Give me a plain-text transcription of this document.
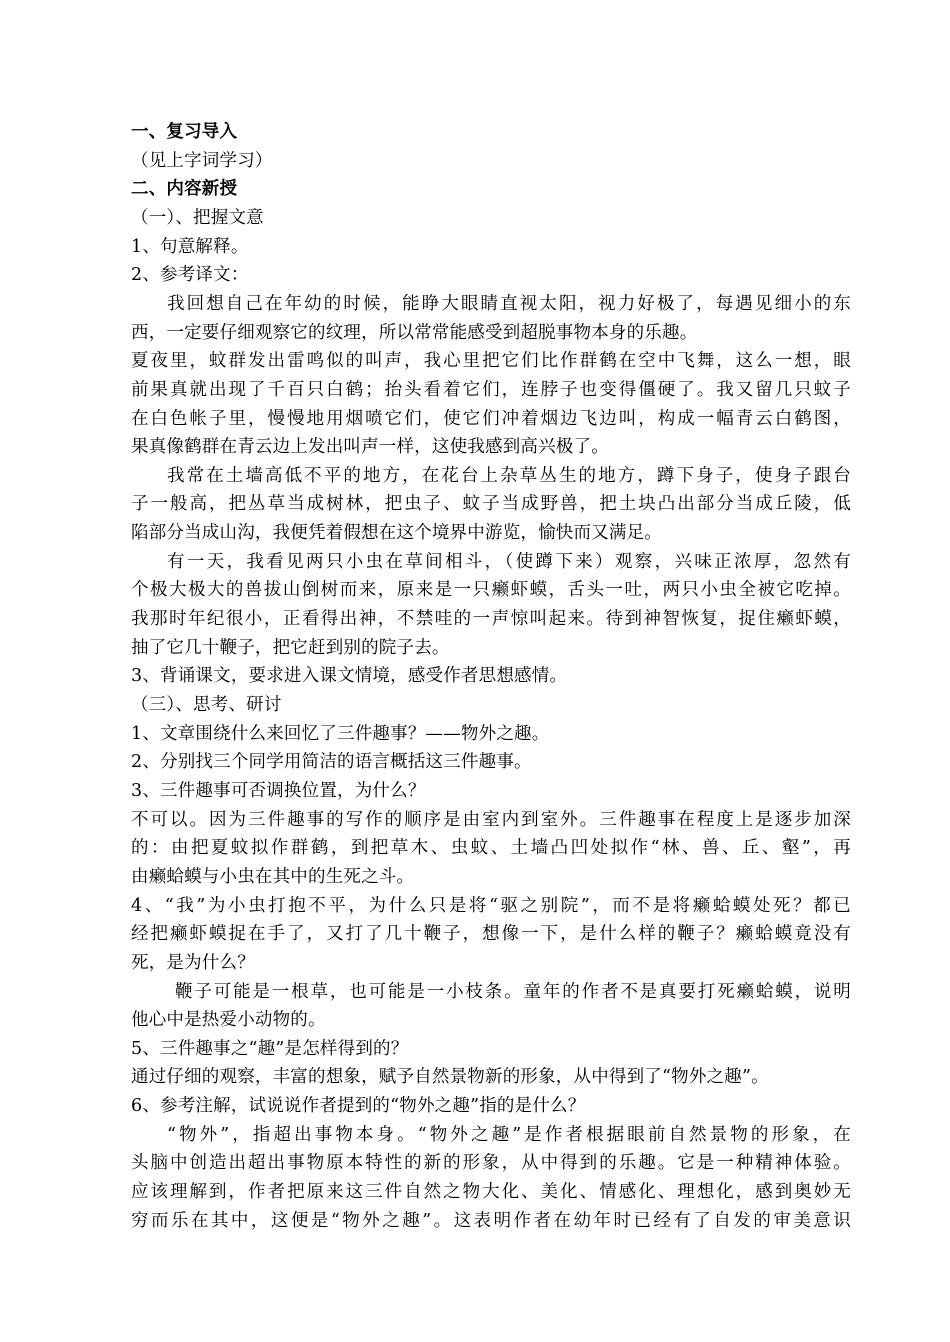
一、复习导入
（见上字词学习）
二、内容新授
（一）、把握文意
1、句意解释。
2、参考译文：
我回想自己在年幼的时候，能睁大眼睛直视太阳，视力好极了，每遇见细小的东
西，一定要仔细观察它的纹理，所以常常能感受到超脱事物本身的乐趣。
夏夜里，蚊群发出雷鸣似的叫声，我心里把它们比作群鹤在空中飞舞，这么一想，眼
前果真就出现了千百只白鹤；抬头看着它们，连脖子也变得僵硬了。我又留几只蚊子
在白色帐子里，慢慢地用烟喷它们，使它们冲着烟边飞边叫，构成一幅青云白鹤图，
果真像鹤群在青云边上发出叫声一样，这使我感到高兴极了。
我常在土墙高低不平的地方，在花台上杂草丛生的地方，蹲下身子，使身子跟台
子一般高，把丛草当成树林，把虫子、蚊子当成野兽，把土块凸出部分当成丘陵，低
陷部分当成山沟，我便凭着假想在这个境界中游览，愉快而又满足。
有一天，我看见两只小虫在草间相斗，（使蹲下来）观察，兴味正浓厚，忽然有
个极大极大的兽拔山倒树而来，原来是一只癞虾蟆，舌头一吐，两只小虫全被它吃掉。
我那时年纪很小，正看得出神，不禁哇的一声惊叫起来。待到神智恢复，捉住癞虾蟆，
抽了它几十鞭子，把它赶到别的院子去。
3、背诵课文，要求进入课文情境，感受作者思想感情。
（三）、思考、研讨
1、文章围绕什么来回忆了三件趣事？——物外之趣。
2、分别找三个同学用简洁的语言概括这三件趣事。
3、三件趣事可否调换位置，为什么？
不可以。因为三件趣事的写作的顺序是由室内到室外。三件趣事在程度上是逐步加深
的：由把夏蚊拟作群鹤，到把草木、虫蚊、土墙凸凹处拟作“林、兽、丘、壑”，再
由癞蛤蟆与小虫在其中的生死之斗。
4、“我”为小虫打抱不平，为什么只是将“驱之别院”，而不是将癞蛤蟆处死？都已
经把癞虾蟆捉在手了，又打了几十鞭子，想像一下，是什么样的鞭子？癞蛤蟆竟没有
死，是为什么？
鞭子可能是一根草，也可能是一小枝条。童年的作者不是真要打死癞蛤蟆，说明
他心中是热爱小动物的。
5、三件趣事之“趣”是怎样得到的？
通过仔细的观察，丰富的想象，赋予自然景物新的形象，从中得到了“物外之趣”。
6、参考注解，试说说作者提到的“物外之趣”指的是什么？
“物外”，指超出事物本身。“物外之趣”是作者根据眼前自然景物的形象，在
头脑中创造出超出事物原本特性的新的形象，从中得到的乐趣。它是一种精神体验。
应该理解到，作者把原来这三件自然之物大化、美化、情感化、理想化，感到奥妙无
穷而乐在其中，这便是“物外之趣”。这表明作者在幼年时已经有了自发的审美意识
